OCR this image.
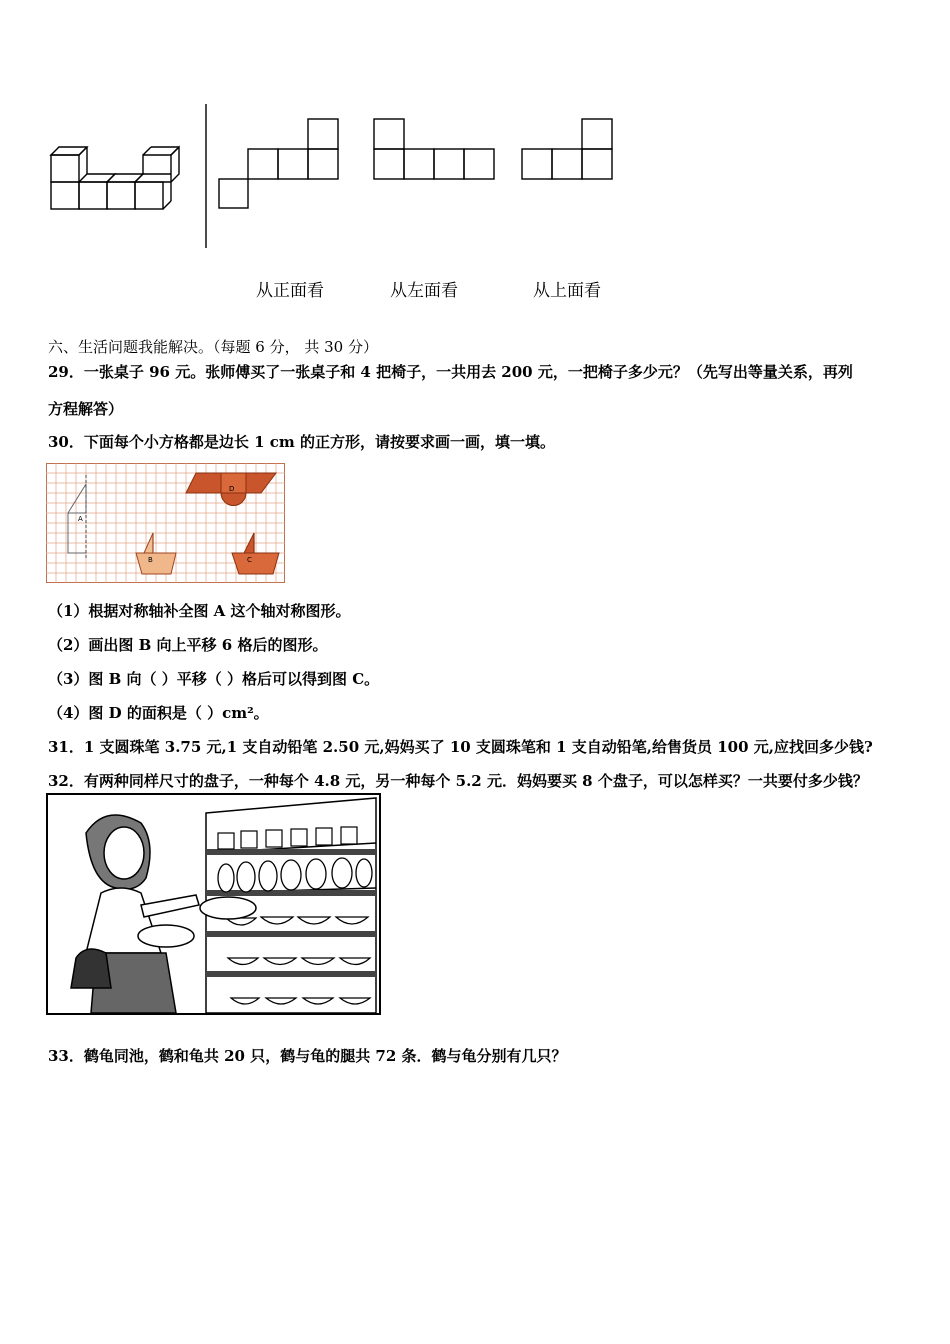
从正面看	从左面看	从上面看
六、生活问题我能解决。（每题 6 分， 共 30 分）
29．一张桌子 96 元。张师傅买了一张桌子和 4 把椅子，一共用去 200 元，一把椅子多少元？（先写出等量关系，再列
方程解答）
30．下面每个小方格都是边长 1 cm 的正方形，请按要求画一画，填一填。
A
B	C
D
（1）根据对称轴补全图 A 这个轴对称图形。
（2）画出图 B 向上平移 6 格后的图形。
（3）图 B 向（ ）平移（ ）格后可以得到图 C。
（4）图 D 的面积是（ ）cm²。
31．1 支圆珠笔 3.75 元,1 支自动铅笔 2.50 元,妈妈买了 10 支圆珠笔和 1 支自动铅笔,给售货员 100 元,应找回多少钱?
32．有两种同样尺寸的盘子，一种每个 4.8 元，另一种每个 5.2 元．妈妈要买 8 个盘子，可以怎样买？一共要付多少钱？
33．鹤龟同池，鹤和龟共 20 只，鹤与龟的腿共 72 条．鹤与龟分别有几只？
